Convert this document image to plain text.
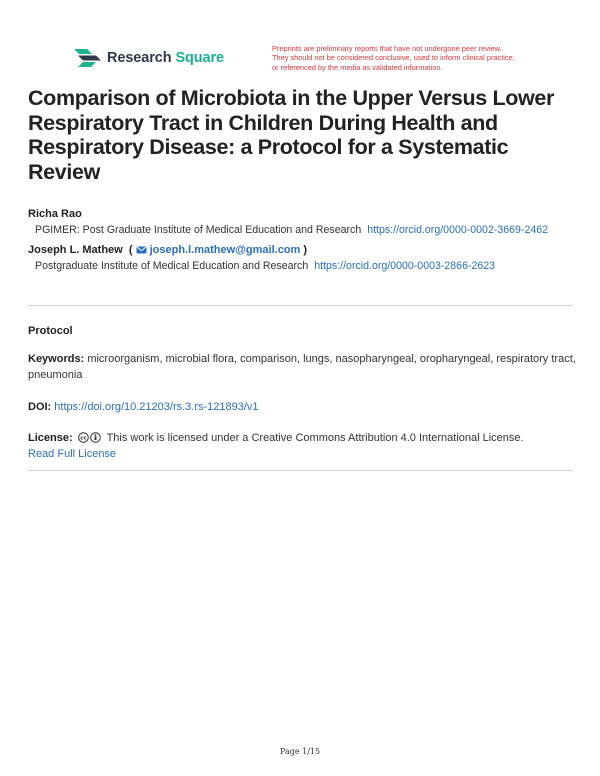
Research Square
Preprints are preliminary reports that have not undergone peer review.
They should not be considered conclusive, used to inform clinical practice,
or referenced by the media as validated information.
Comparison of Microbiota in the Upper Versus Lower Respiratory Tract in Children During Health and Respiratory Disease: a Protocol for a Systematic Review
Richa Rao
PGIMER: Post Graduate Institute of Medical Education and Research https://orcid.org/0000-0002-3669-2462
Joseph L. Mathew ( joseph.l.mathew@gmail.com )
Postgraduate Institute of Medical Education and Research https://orcid.org/0000-0003-2866-2623
Protocol
Keywords: microorganism, microbial flora, comparison, lungs, nasopharyngeal, oropharyngeal, respiratory tract, pneumonia
DOI: https://doi.org/10.21203/rs.3.rs-121893/v1
License: cc This work is licensed under a Creative Commons Attribution 4.0 International License.
Read Full License
Page 1/15
